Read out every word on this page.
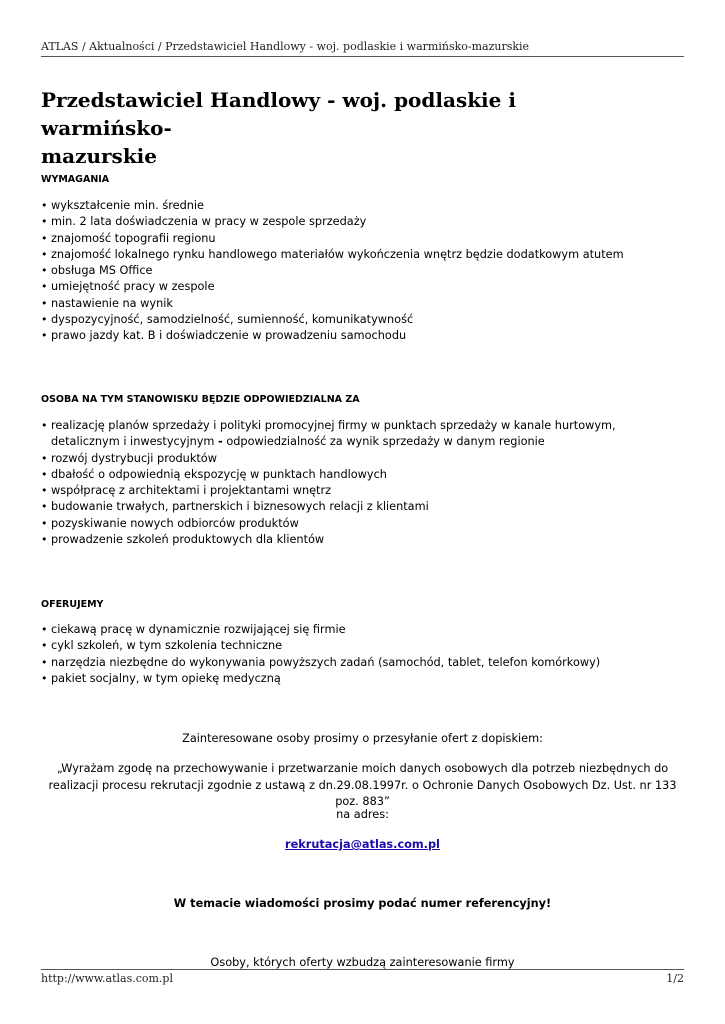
ATLAS / Aktualności / Przedstawiciel Handlowy - woj. podlaskie i warmińsko-mazurskie
Przedstawiciel Handlowy - woj. podlaskie i warmińsko-
mazurskie
WYMAGANIA
• wykształcenie min. średnie
• min. 2 lata doświadczenia w pracy w zespole sprzedaży
• znajomość topografii regionu
• znajomość lokalnego rynku handlowego materiałów wykończenia wnętrz będzie dodatkowym atutem
• obsługa MS Office
• umiejętność pracy w zespole
• nastawienie na wynik
• dyspozycyjność, samodzielność, sumienność, komunikatywność
• prawo jazdy kat. B i doświadczenie w prowadzeniu samochodu
OSOBA NA TYM STANOWISKU BĘDZIE ODPOWIEDZIALNA ZA
• realizację planów sprzedaży i polityki promocyjnej firmy w punktach sprzedaży w kanale hurtowym, detalicznym i inwestycyjnym - odpowiedzialność za wynik sprzedaży w danym regionie
• rozwój dystrybucji produktów
• dbałość o odpowiednią ekspozycję w punktach handlowych
• współpracę z architektami i projektantami wnętrz
• budowanie trwałych, partnerskich i biznesowych relacji z klientami
• pozyskiwanie nowych odbiorców produktów
• prowadzenie szkoleń produktowych dla klientów
OFERUJEMY
• ciekawą pracę w dynamicznie rozwijającej się firmie
• cykl szkoleń, w tym szkolenia techniczne
• narzędzia niezbędne do wykonywania powyższych zadań (samochód, tablet, telefon komórkowy)
• pakiet socjalny, w tym opiekę medyczną
Zainteresowane osoby prosimy o przesyłanie ofert z dopiskiem:
„Wyrażam zgodę na przechowywanie i przetwarzanie moich danych osobowych dla potrzeb niezbędnych do realizacji procesu rekrutacji zgodnie z ustawą z dn.29.08.1997r. o Ochronie Danych Osobowych Dz. Ust. nr 133 poz. 883”
na adres:
rekrutacja@atlas.com.pl
W temacie wiadomości prosimy podać numer referencyjny!
Osoby, których oferty wzbudzą zainteresowanie firmy
http://www.atlas.com.pl	1/2
